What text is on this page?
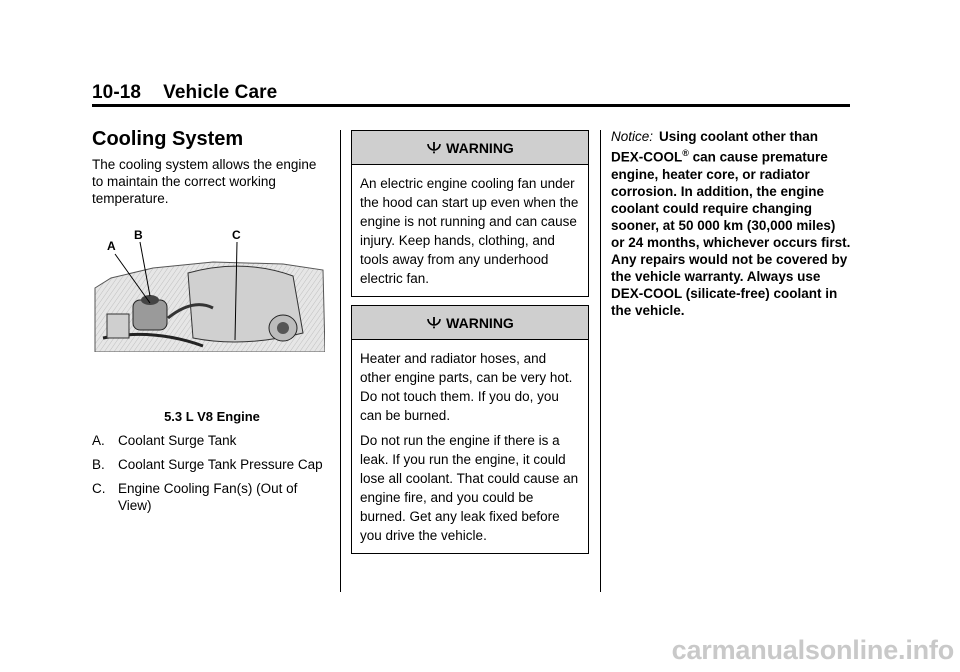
10-18 Vehicle Care
Cooling System
The cooling system allows the engine to maintain the correct working temperature.
A
B	C
5.3 L V8 Engine
A. Coolant Surge Tank
B. Coolant Surge Tank Pressure Cap
C. Engine Cooling Fan(s) (Out of View)
WARNING

An electric engine cooling fan under the hood can start up even when the engine is not running and can cause injury. Keep hands, clothing, and tools away from any underhood electric fan.

WARNING

Heater and radiator hoses, and other engine parts, can be very hot. Do not touch them. If you do, you can be burned.

Do not run the engine if there is a leak. If you run the engine, it could lose all coolant. That could cause an engine fire, and you could be burned. Get any leak fixed before you drive the vehicle.

Notice: Using coolant other than DEX-COOL® can cause premature engine, heater core, or radiator corrosion. In addition, the engine coolant could require changing sooner, at 50 000 km (30,000 miles) or 24 months, whichever occurs first. Any repairs would not be covered by the vehicle warranty. Always use DEX-COOL (silicate-free) coolant in the vehicle.
carmanualsonline.info
